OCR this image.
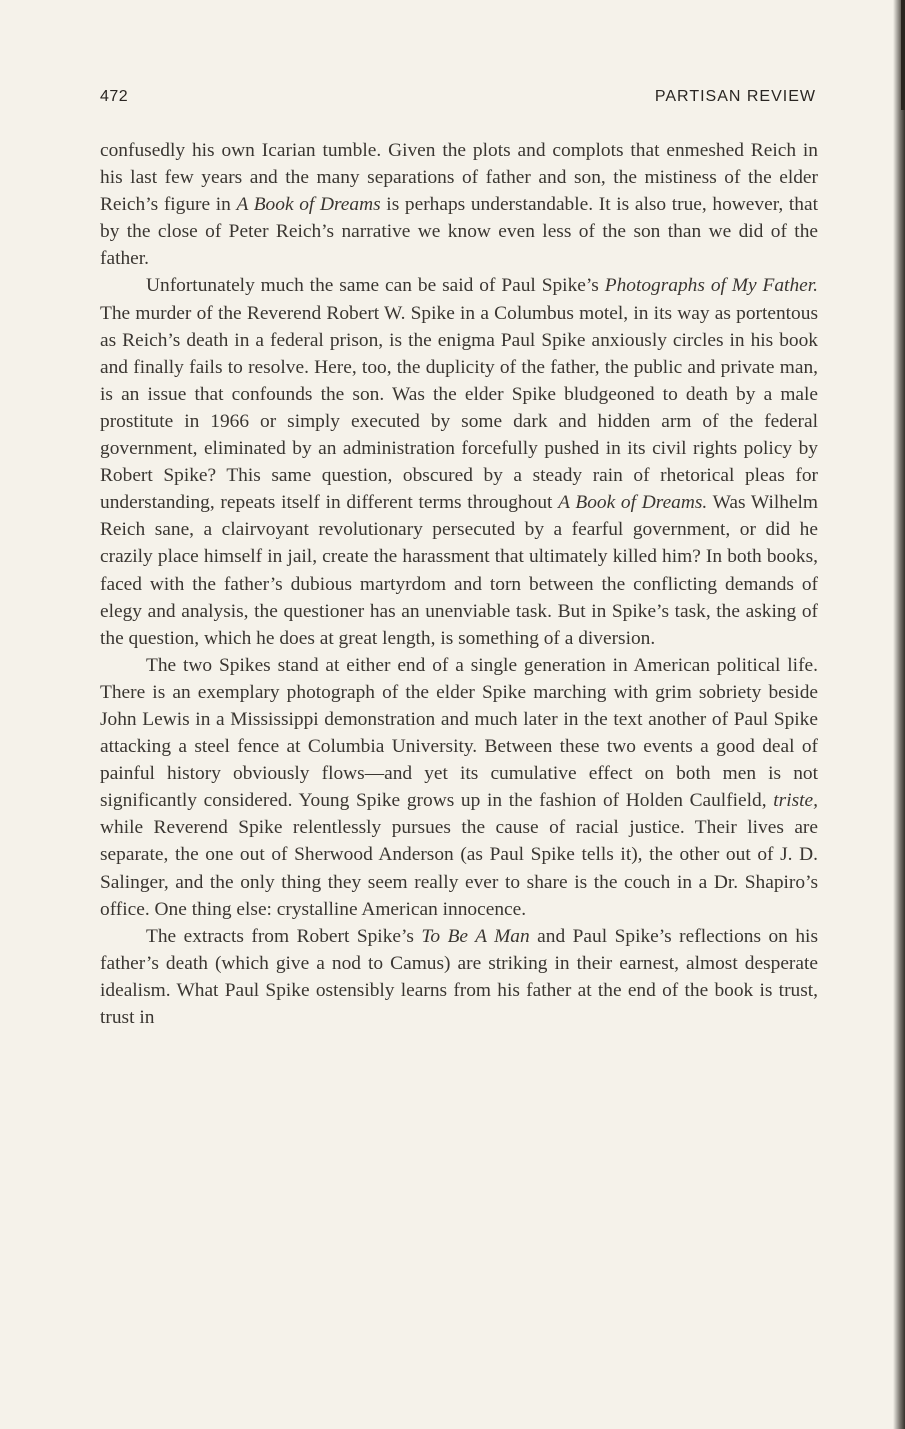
472	PARTISAN REVIEW

confusedly his own Icarian tumble. Given the plots and complots that enmeshed Reich in his last few years and the many separations of father and son, the mistiness of the elder Reich’s figure in A Book of Dreams is perhaps understandable. It is also true, however, that by the close of Peter Reich’s narrative we know even less of the son than we did of the father.

Unfortunately much the same can be said of Paul Spike’s Photographs of My Father. The murder of the Reverend Robert W. Spike in a Columbus motel, in its way as portentous as Reich’s death in a federal prison, is the enigma Paul Spike anxiously circles in his book and finally fails to resolve. Here, too, the duplicity of the father, the public and private man, is an issue that confounds the son. Was the elder Spike bludgeoned to death by a male prostitute in 1966 or simply executed by some dark and hidden arm of the federal government, eliminated by an administration forcefully pushed in its civil rights policy by Robert Spike? This same question, obscured by a steady rain of rhetorical pleas for understanding, repeats itself in different terms throughout A Book of Dreams. Was Wilhelm Reich sane, a clairvoyant revolutionary persecuted by a fearful government, or did he crazily place himself in jail, create the harassment that ultimately killed him? In both books, faced with the father’s dubious martyrdom and torn between the conflicting demands of elegy and analysis, the questioner has an unenviable task. But in Spike’s task, the asking of the question, which he does at great length, is something of a diversion.

The two Spikes stand at either end of a single generation in American political life. There is an exemplary photograph of the elder Spike marching with grim sobriety beside John Lewis in a Mississippi demonstration and much later in the text another of Paul Spike attacking a steel fence at Columbia University. Between these two events a good deal of painful history obviously flows—and yet its cumulative effect on both men is not significantly considered. Young Spike grows up in the fashion of Holden Caulfield, triste, while Reverend Spike relentlessly pursues the cause of racial justice. Their lives are separate, the one out of Sherwood Anderson (as Paul Spike tells it), the other out of J. D. Salinger, and the only thing they seem really ever to share is the couch in a Dr. Shapiro’s office. One thing else: crystalline American innocence.

The extracts from Robert Spike’s To Be A Man and Paul Spike’s reflections on his father’s death (which give a nod to Camus) are striking in their earnest, almost desperate idealism. What Paul Spike ostensibly learns from his father at the end of the book is trust, trust in
